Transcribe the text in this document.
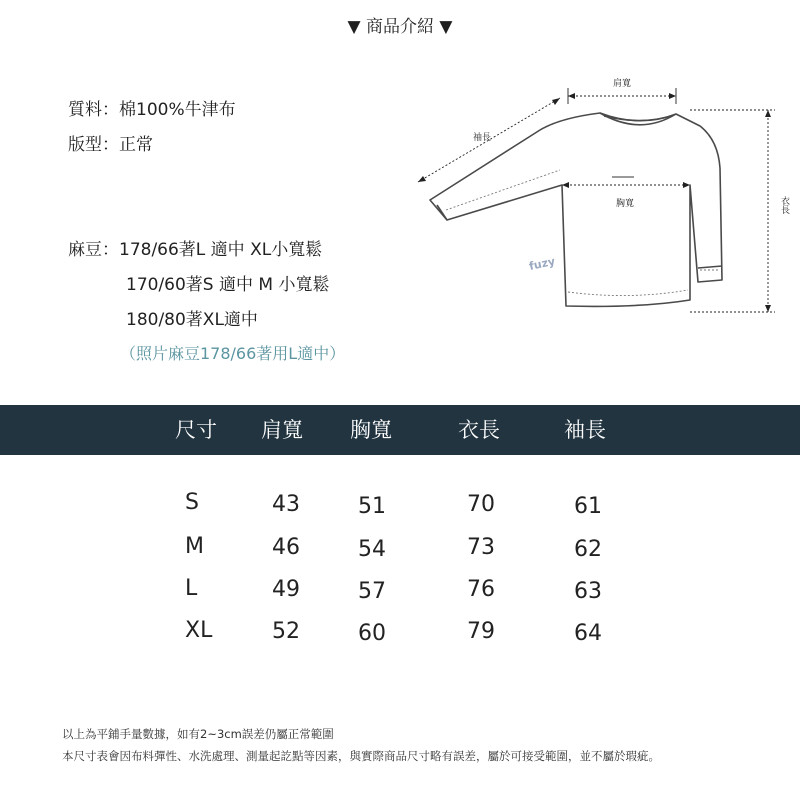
▼ 商品介紹 ▼
質料：棉100%牛津布
版型：正常
麻豆：178/66著L 適中 XL小寬鬆
170/60著S 適中 M 小寬鬆
180/80著XL適中
（照片麻豆178/66著用L適中）
肩寬
袖長
胸寬	衣長
fuzy
尺寸 肩寬 胸寬	衣長	袖長
S	43	51	70	61
M	46	54	73	62
L	49	57	76	63
XL	52	60	79	64
以上為平鋪手量數據，如有2~3cm誤差仍屬正常範圍
本尺寸表會因布料彈性、水洗處理、測量起訖點等因素，與實際商品尺寸略有誤差，屬於可接受範圍，並不屬於瑕疵。
